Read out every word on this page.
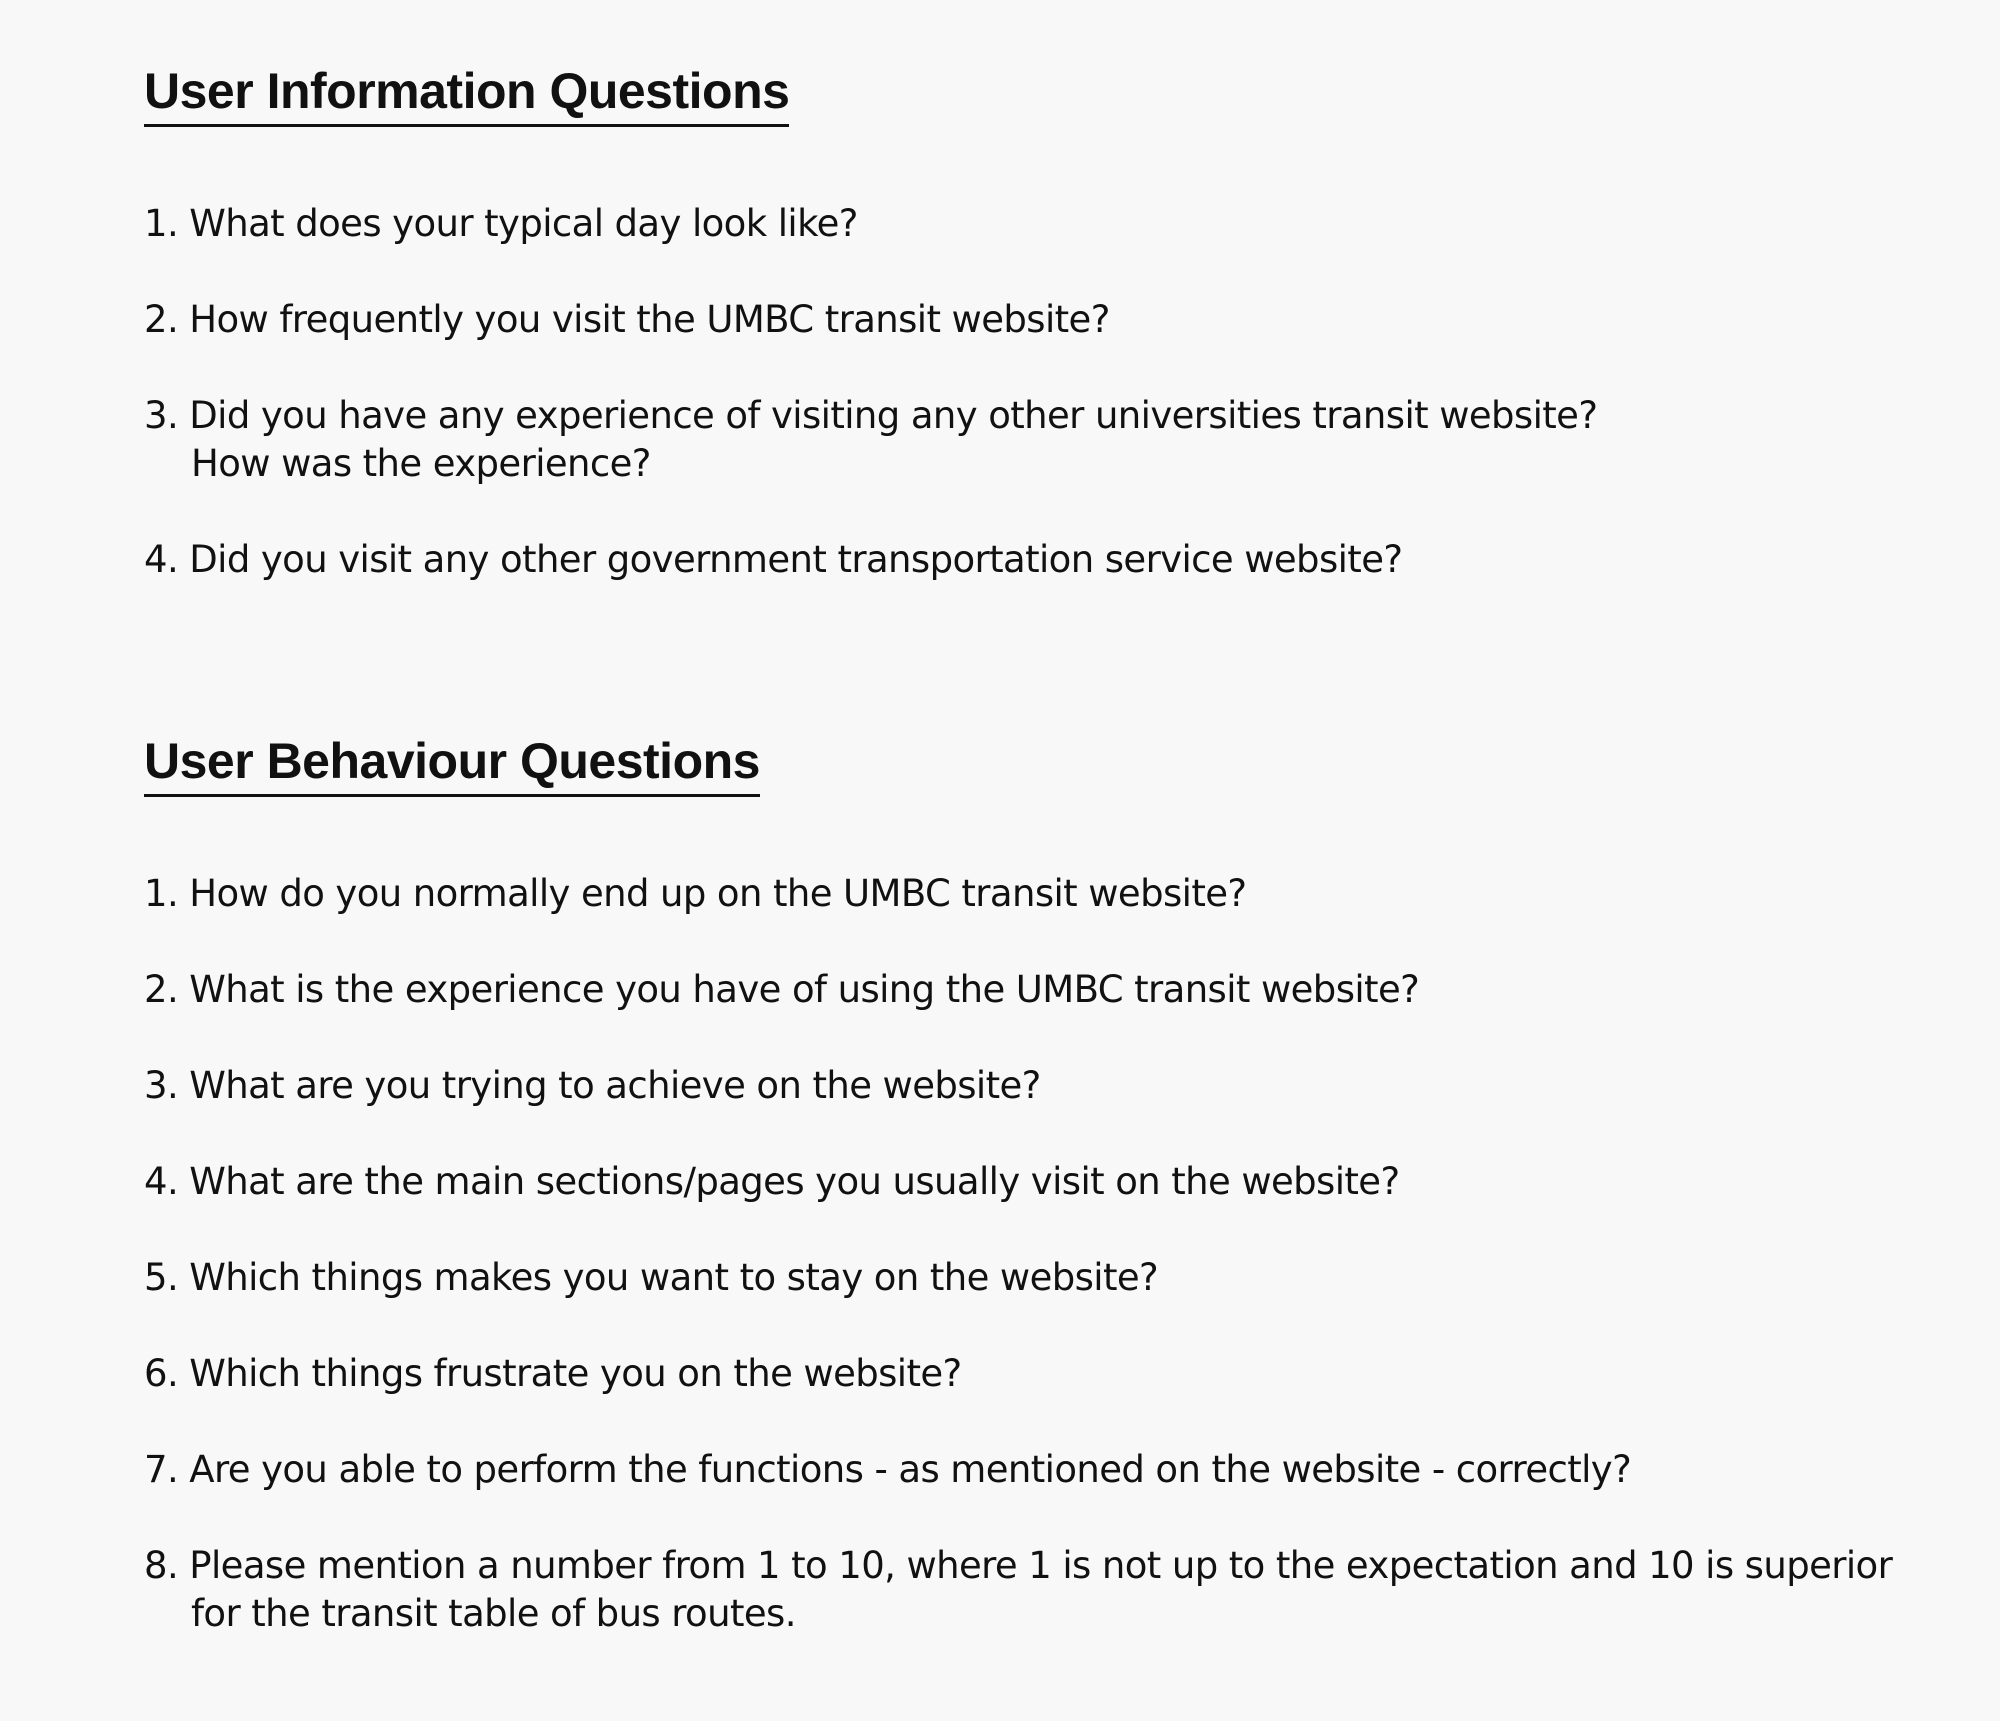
User Information Questions
1. What does your typical day look like?
2. How frequently you visit the UMBC transit website?
3. Did you have any experience of visiting any other universities transit website?
How was the experience?
4. Did you visit any other government transportation service website?
User Behaviour Questions
1. How do you normally end up on the UMBC transit website?
2. What is the experience you have of using the UMBC transit website?
3. What are you trying to achieve on the website?
4. What are the main sections/pages you usually visit on the website?
5. Which things makes you want to stay on the website?
6. Which things frustrate you on the website?
7. Are you able to perform the functions - as mentioned on the website - correctly?
8. Please mention a number from 1 to 10, where 1 is not up to the expectation and 10 is superior
for the transit table of bus routes.
